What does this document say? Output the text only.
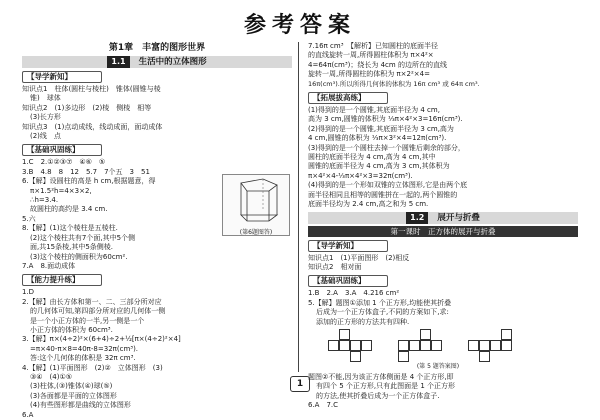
参考答案
第1章　丰富的图形世界
1.1 生活中的立体图形
【导学新知】
知识点1　柱体(圆柱与棱柱)　锥体(圆锥与棱
锥)　球体
知识点2　(1)多边形　(2)棱　侧棱　相等
(3)长方形
知识点3　(1)点动成线，线动成面，面动成体
(2)线　点
【基础巩固练】
1.C　2.①②③⑦　④⑥　⑤
3.B　4.8　8　12　5.7　7个五　3　51
6.【解】设圆柱的高是 h cm,根据题意，得
π×1.5²h=4×3×2,
∴h=3.4.
故圆柱的高约是 3.4 cm.
5.六
8.【解】(1)这个棱柱是五棱柱.
(2)这个棱柱共有7个面,其中5个侧
面,共15条棱,其中5条侧棱.
(3)这个棱柱的侧面积为60cm².
7.A　8.面动成体
【能力提升练】
1.D
2.【解】由长方体和第一、二、三部分所对应
的几何体可知,第四部分所对应的几何体一侧
是一个小正方体的一半,另一侧是一个
小正方体的体积为 60cm³.
3.【解】π×(4÷2)²×(6+4)÷2+½[π×(4÷2)²×4]
=π×40-π×8=40π-8=32π(cm³).
答:这个几何体的体积是 32π cm³.
4.【解】(1)平面图形　(2)②　立体图形　(3)
③④　(4)①⑤
(3)柱体,(③)锥体(④)球(⑤)
(3)各面都是平面的立体图形
(4)有些图形都是曲线的立体图形
6.A
(第6题图答)
7.16π cm³　【解析】已知圆柱的底面半径
的直线旋转一周,所得圆柱体积为 π×4²×
4=64π(cm³)；绕长为 4cm 的边所在的直线
旋转一周,所得圆柱的体积为 π×2²×4=
16π(cm³).所以所得几何体的体积为 16π cm³ 或 64π cm³.
【拓展拔高练】
(1)得到的是一个圆锥,其底面半径为 4 cm,
高为 3 cm,圆锥的体积为 ⅓π×4²×3=16π(cm³).
(2)得到的是一个圆锥,其底面半径为 3 cm,高为
4 cm,圆锥的体积为 ⅓π×3²×4=12π(cm³).
(3)得到的是一个圆柱去掉一个圆锥后剩余的部分，
圆柱的底面半径为 4 cm,高为 4 cm,其中
圆锥的底面半径为 4 cm,高为 3 cm,其体积为
π×4²×4-⅓π×4²×3=32π(cm³).
(4)得到的是一个形如双锥的立体图形,它是由两个底
面半径相同且相等的圆锥拼在一起的,两个圆锥的
底面半径均为 2.4 cm,高之和为 5 cm.
1.2 展开与折叠
第一课时　正方体的展开与折叠
【导学新知】
知识点1　(1)平面图形　(2)相反
知识点2　相对面
【基础巩固练】
1.B　2.A　3.A　4.216 cm²
5.【解】题图①添加 1 个正方形,均能使其折叠
后成为一个正方体盒子,不同的方案如下,求:
添加的正方形的方法共有四种.
(第 5 题答案图)
题图②不能,因为该正方体侧面是 4 个正方形,即
有四个 5 个正方形,只有此图面是 1 个正方形
的方法,使其折叠后成为一个正方体盒子.
6.A　7.C
1
